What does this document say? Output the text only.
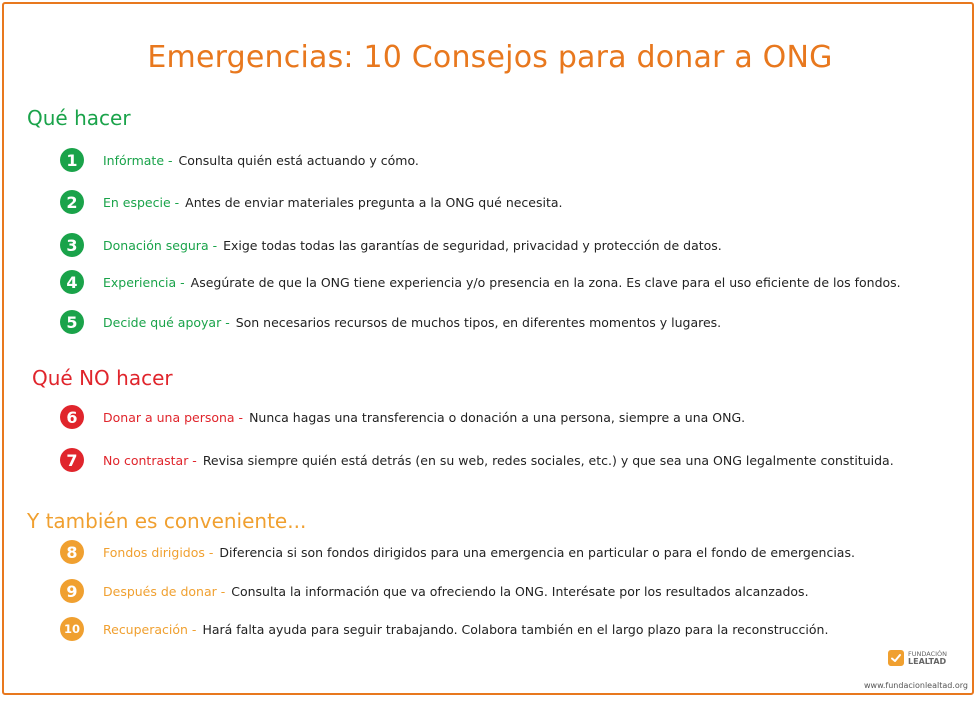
Emergencias: 10 Consejos para donar a ONG
Qué hacer
1	Infórmate - Consulta quién está actuando y cómo.
2	En especie - Antes de enviar materiales pregunta a la ONG qué necesita.
3	Donación segura - Exige todas todas las garantías de seguridad, privacidad y protección de datos.
4	Experiencia - Asegúrate de que la ONG tiene experiencia y/o presencia en la zona. Es clave para el uso eficiente de los fondos.
5	Decide qué apoyar - Son necesarios recursos de muchos tipos, en diferentes momentos y lugares.
Qué NO hacer
6	Donar a una persona - Nunca hagas una transferencia o donación a una persona, siempre a una ONG.
7	No contrastar - Revisa siempre quién está detrás (en su web, redes sociales, etc.) y que sea una ONG legalmente constituida.
Y también es conveniente...
8	Fondos dirigidos - Diferencia si son fondos dirigidos para una emergencia en particular o para el fondo de emergencias.
9	Después de donar - Consulta la información que va ofreciendo la ONG. Interésate por los resultados alcanzados.
10	Recuperación - Hará falta ayuda para seguir trabajando. Colabora también en el largo plazo para la reconstrucción.
FUNDACIÓN
LEALTAD
www.fundacionlealtad.org
